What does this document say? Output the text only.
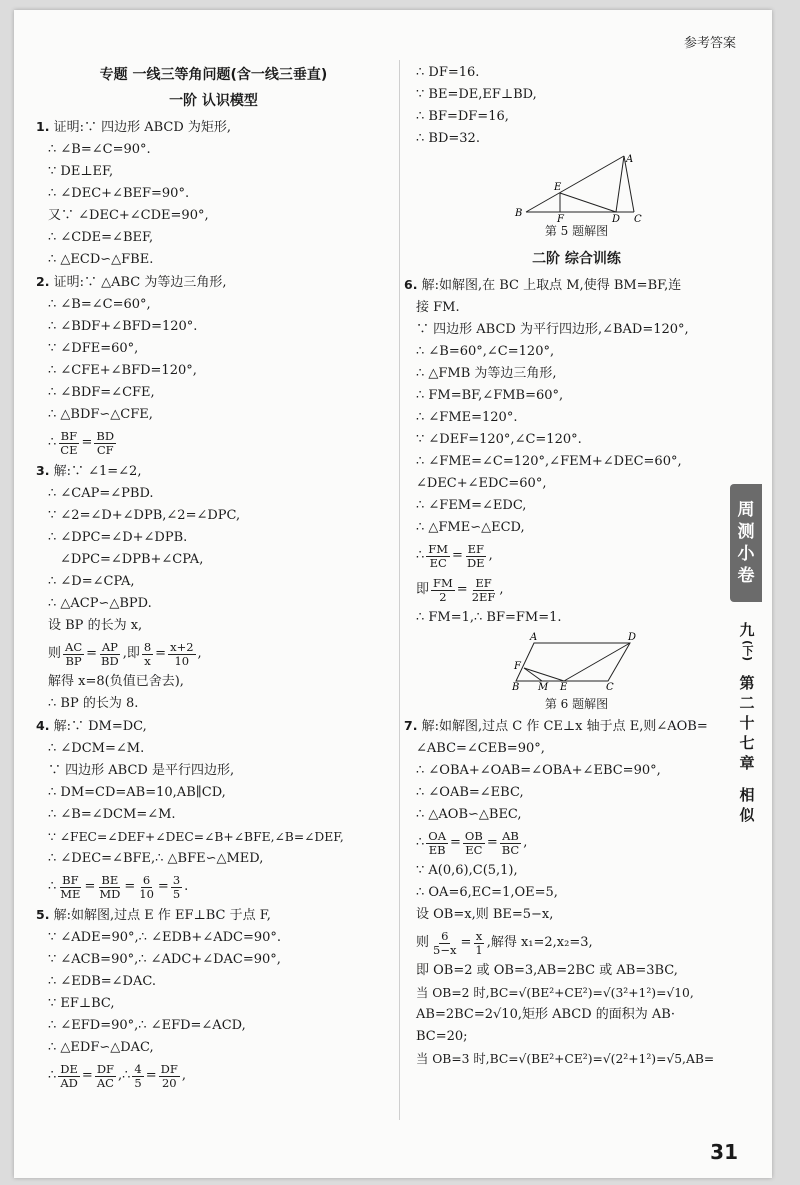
参考答案
专题 一线三等角问题(含一线三垂直)
一阶 认识模型
1. 证明:∵ 四边形 ABCD 为矩形,
∴ ∠B=∠C=90°.
∵ DE⊥EF,
∴ ∠DEC+∠BEF=90°.
又∵ ∠DEC+∠CDE=90°,
∴ ∠CDE=∠BEF,
∴ △ECD∽△FBE.
2. 证明:∵ △ABC 为等边三角形,
∴ ∠B=∠C=60°,
∴ ∠BDF+∠BFD=120°.
∵ ∠DFE=60°,
∴ ∠CFE+∠BFD=120°,
∴ ∠BDF=∠CFE,
∴ △BDF∽△CFE,
∴ $\frac{BF}{CE} = \frac{BD}{CF}$
3. 解:∵ ∠1=∠2,
∴ ∠CAP=∠PBD.
∵ ∠2=∠D+∠DPB,∠2=∠DPC,
∴ ∠DPC=∠D+∠DPB.
∠DPC=∠DPB+∠CPA,
∴ ∠D=∠CPA,
∴ △ACP∽△BPD.
设 BP 的长为 x,
则 $\frac{AC}{BP} = \frac{AP}{BD}$ ,即 $\frac{8}{x} = \frac{x+2}{10}$ ,
解得 x=8(负值已舍去),
∴ BP 的长为 8.
4. 解:∵ DM=DC,
∴ ∠DCM=∠M.
∵ 四边形 ABCD 是平行四边形,
∴ DM=CD=AB=10,AB∥CD,
∴ ∠B=∠DCM=∠M.
∵ ∠FEC=∠DEF+∠DEC=∠B+∠BFE,∠B=∠DEF,
∴ ∠DEC=∠BFE,∴ △BFE∽△MED,
∴ $\frac{BF}{ME} = \frac{BE}{MD} = \frac{6}{10} = \frac{3}{5}$ .
5. 解:如解图,过点 E 作 EF⊥BC 于点 F,
∵ ∠ADE=90°,∴ ∠EDB+∠ADC=90°.
∵ ∠ACB=90°,∴ ∠ADC+∠DAC=90°,
∴ ∠EDB=∠DAC.
∵ EF⊥BC,
∴ ∠EFD=90°,∴ ∠EFD=∠ACD,
∴ △EDF∽△DAC,
∴ $\frac{DE}{AD} = \frac{DF}{AC}$ ,∴ $\frac{4}{5} = \frac{DF}{20}$ ,
∴ DF=16.
∵ BE=DE,EF⊥BD,
∴ BF=DF=16,
∴ BD=32.
A
B
C
D
E
F
第 5 题解图
二阶 综合训练
6. 解:如解图,在 BC 上取点 M,使得 BM=BF,连
接 FM.
∵ 四边形 ABCD 为平行四边形,∠BAD=120°,
∴ ∠B=60°,∠C=120°,
∴ △FMB 为等边三角形,
∴ FM=BF,∠FMB=60°,
∴ ∠FME=120°.
∵ ∠DEF=120°,∠C=120°.
∴ ∠FME=∠C=120°,∠FEM+∠DEC=60°,
∠DEC+∠EDC=60°,
∴ ∠FEM=∠EDC,
∴ △FME∽△ECD,
∴ $\frac{FM}{EC} = \frac{EF}{DE}$ ,
即 $\frac{FM}{2} = \frac{EF}{2EF}$ ,
∴ FM=1,∴ BF=FM=1.
A	D
B	C
F
M E
第 6 题解图
7. 解:如解图,过点 C 作 CE⊥x 轴于点 E,则∠AOB=
∠ABC=∠CEB=90°,
∴ ∠OBA+∠OAB=∠OBA+∠EBC=90°,
∴ ∠OAB=∠EBC,
∴ △AOB∽△BEC,
∴ $\frac{OA}{EB} = \frac{OB}{EC} = \frac{AB}{BC}$ ,
∵ A(0,6),C(5,1),
∴ OA=6,EC=1,OE=5,
设 OB=x,则 BE=5−x,
则 $\frac{6}{5-x} = \frac{x}{1}$ ,解得 x₁=2,x₂=3,
即 OB=2 或 OB=3,AB=2BC 或 AB=3BC,
当 OB=2 时,BC=√(BE²+CE²)=√(3²+1²)=√10,
AB=2BC=2√10,矩形 ABCD 的面积为 AB·
BC=20;
当 OB=3 时,BC=√(BE²+CE²)=√(2²+1²)=√5,AB=
周
测
小
卷
九
(下)
第
二
十
七
章
相
似
31
